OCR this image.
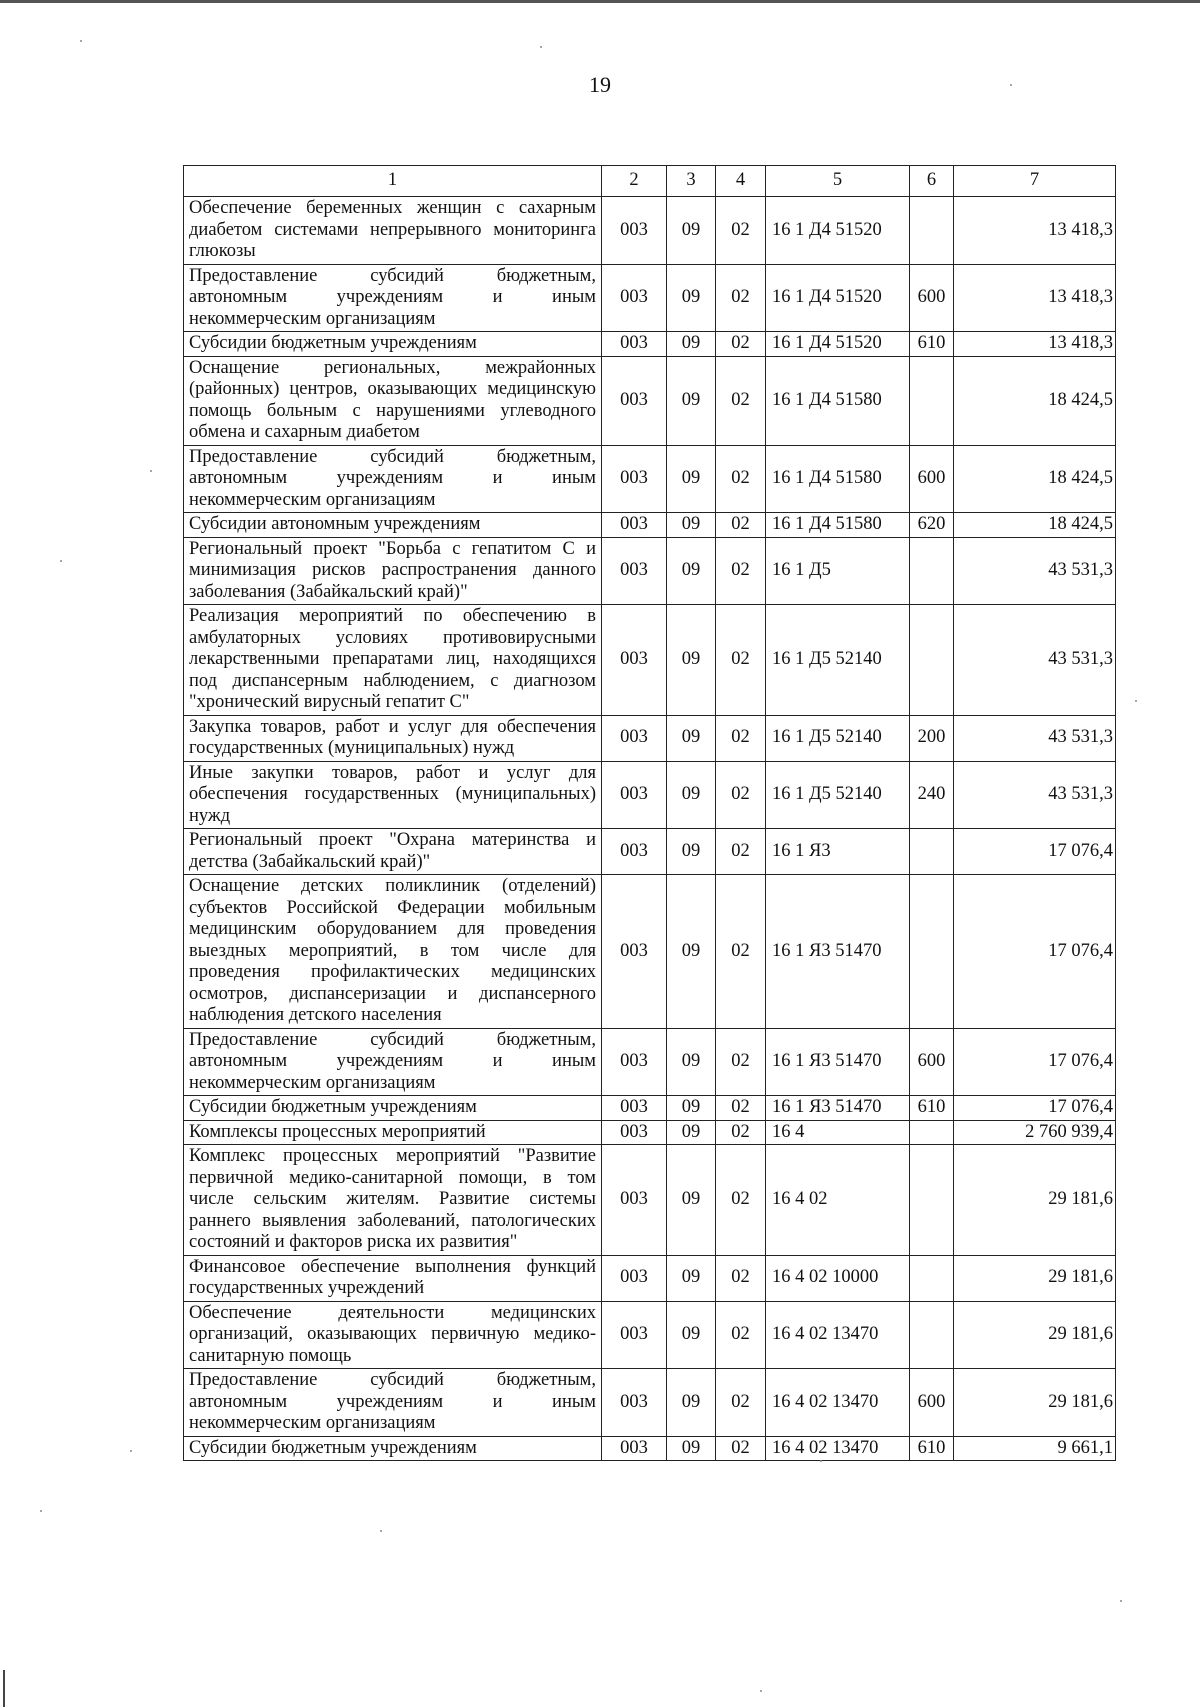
19
1	2	3	4	5	6	7
Обеспечение беременных женщин с сахарным диабетом системами непрерывного мониторинга глюкозы	003	09	02	16 1 Д4 51520		13 418,3
Предоставление субсидий бюджетным, автономным учреждениям и иным некоммерческим организациям	003	09	02	16 1 Д4 51520	600	13 418,3
Субсидии бюджетным учреждениям	003	09	02	16 1 Д4 51520	610	13 418,3
Оснащение региональных, межрайонных (районных) центров, оказывающих медицинскую помощь больным с нарушениями углеводного обмена и сахарным диабетом	003	09	02	16 1 Д4 51580		18 424,5
Предоставление субсидий бюджетным, автономным учреждениям и иным некоммерческим организациям	003	09	02	16 1 Д4 51580	600	18 424,5
Субсидии автономным учреждениям	003	09	02	16 1 Д4 51580	620	18 424,5
Региональный проект "Борьба с гепатитом С и минимизация рисков распространения данного заболевания (Забайкальский край)"	003	09	02	16 1 Д5		43 531,3
Реализация мероприятий по обеспечению в амбулаторных условиях противовирусными лекарственными препаратами лиц, находящихся под диспансерным наблюдением, с диагнозом "хронический вирусный гепатит С"	003	09	02	16 1 Д5 52140		43 531,3
Закупка товаров, работ и услуг для обеспечения государственных (муниципальных) нужд	003	09	02	16 1 Д5 52140	200	43 531,3
Иные закупки товаров, работ и услуг для обеспечения государственных (муниципальных) нужд	003	09	02	16 1 Д5 52140	240	43 531,3
Региональный проект "Охрана материнства и детства (Забайкальский край)"	003	09	02	16 1 Я3		17 076,4
Оснащение детских поликлиник (отделений) субъектов Российской Федерации мобильным медицинским оборудованием для проведения выездных мероприятий, в том числе для проведения профилактических медицинских осмотров, диспансеризации и диспансерного наблюдения детского населения	003	09	02	16 1 Я3 51470		17 076,4
Предоставление субсидий бюджетным, автономным учреждениям и иным некоммерческим организациям	003	09	02	16 1 Я3 51470	600	17 076,4
Субсидии бюджетным учреждениям	003	09	02	16 1 Я3 51470	610	17 076,4
Комплексы процессных мероприятий	003	09	02	16 4		2 760 939,4
Комплекс процессных мероприятий "Развитие первичной медико-санитарной помощи, в том числе сельским жителям. Развитие системы раннего выявления заболеваний, патологических состояний и факторов риска их развития"	003	09	02	16 4 02		29 181,6
Финансовое обеспечение выполнения функций государственных учреждений	003	09	02	16 4 02 10000		29 181,6
Обеспечение деятельности медицинских организаций, оказывающих первичную медико-санитарную помощь	003	09	02	16 4 02 13470		29 181,6
Предоставление субсидий бюджетным, автономным учреждениям и иным некоммерческим организациям	003	09	02	16 4 02 13470	600	29 181,6
Субсидии бюджетным учреждениям	003	09	02	16 4 02 13470	610	9 661,1
